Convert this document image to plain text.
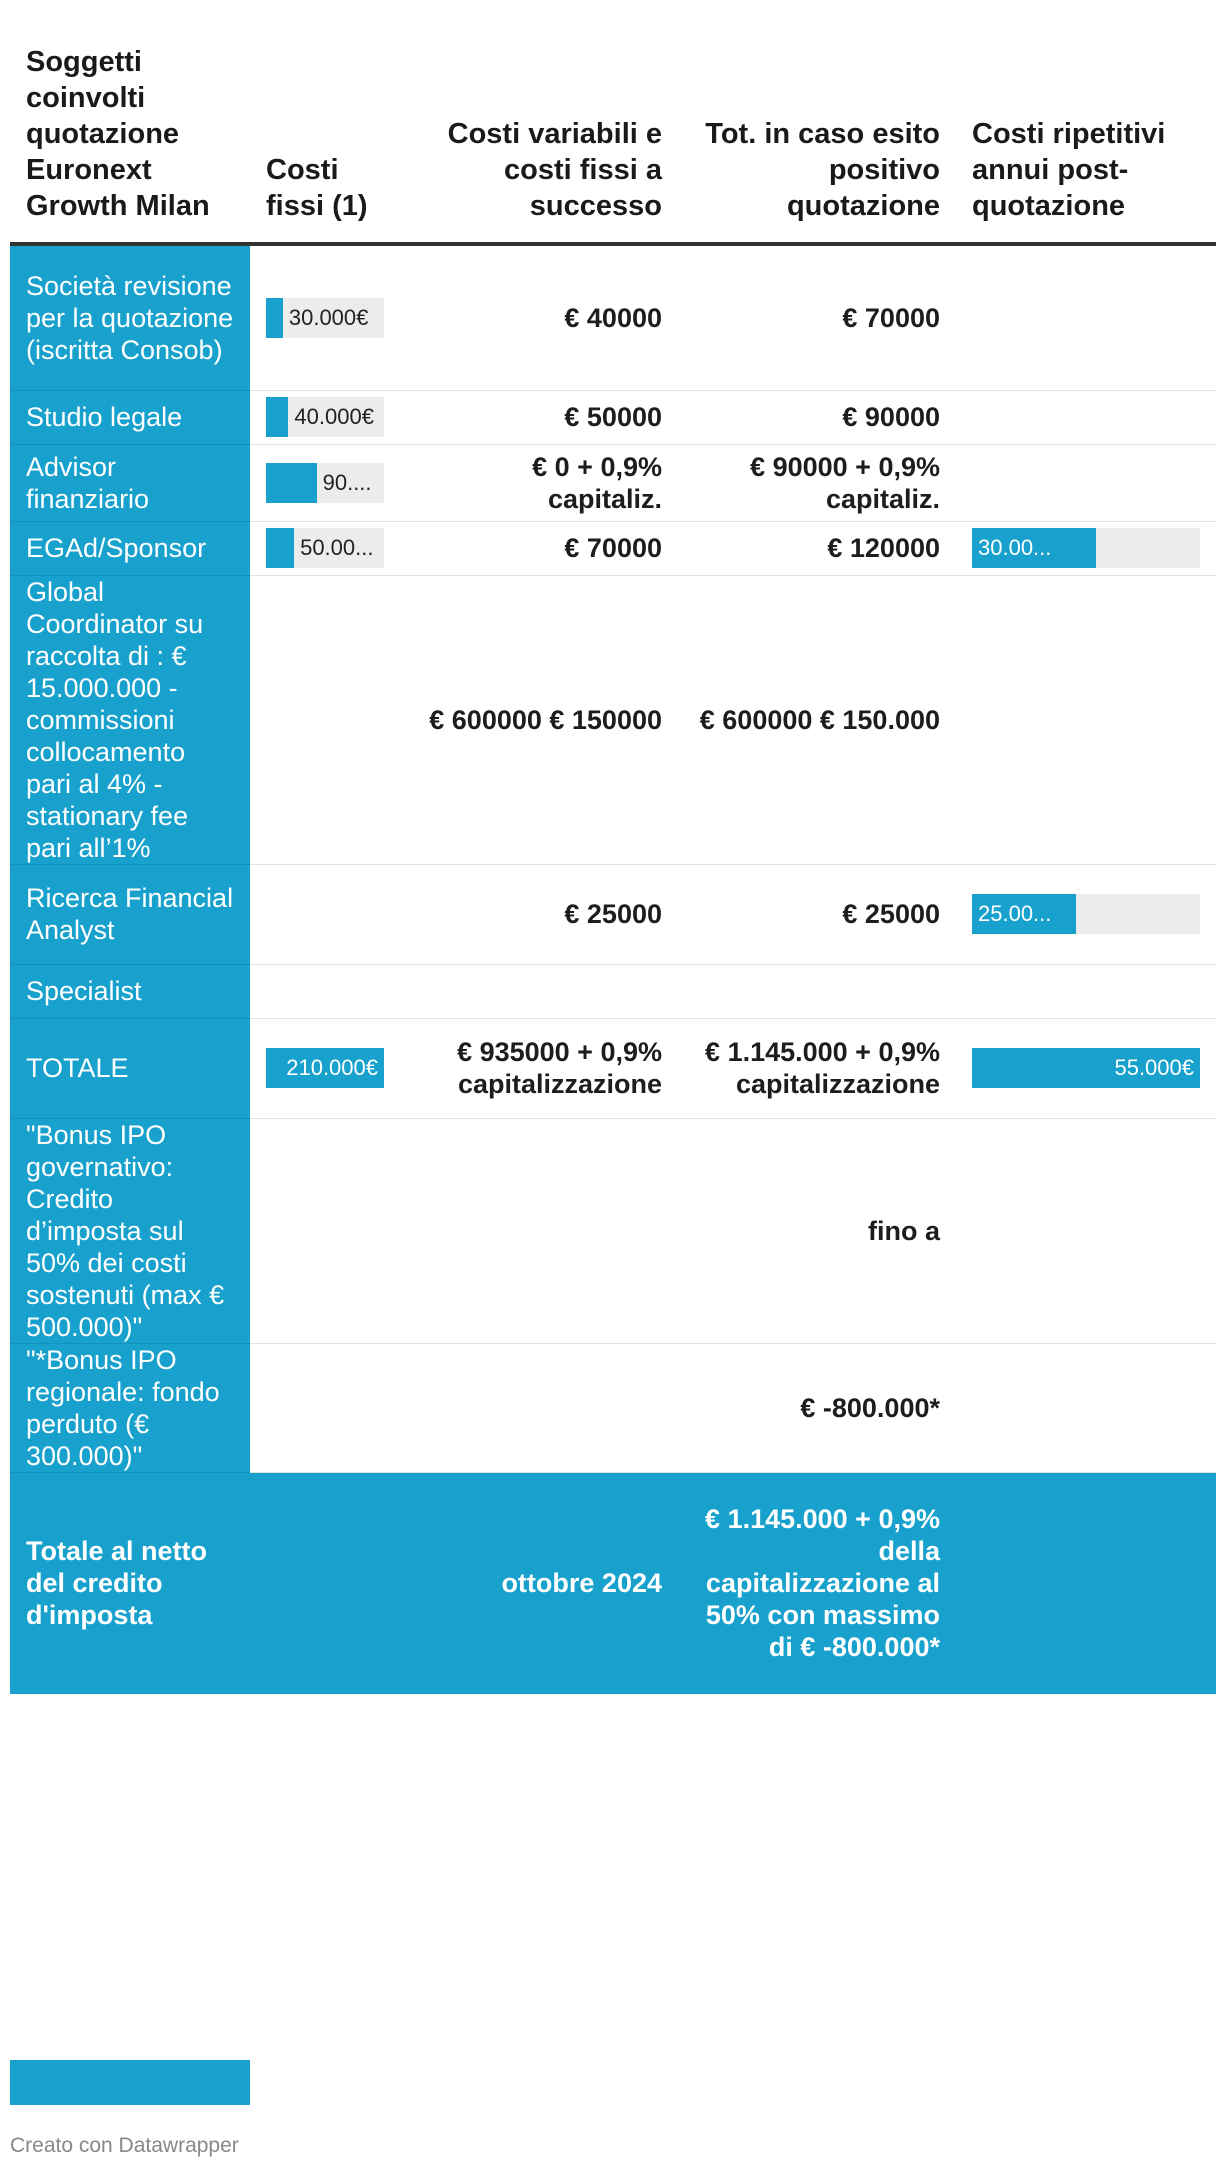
Soggetti coinvolti quotazione Euronext Growth Milan	Costi fissi (1)	Costi variabili e costi fissi a successo	Tot. in caso esito positivo quotazione	Costi ripetitivi annui post-quotazione
Società revisione per la quotazione (iscritta Consob)	30.000€	€ 40000	€ 70000	
Studio legale	40.000€	€ 50000	€ 90000	
Advisor finanziario	90....	€ 0 + 0,9% capitaliz.	€ 90000 + 0,9% capitaliz.	
EGAd/Sponsor	50.00...	€ 70000	€ 120000	30.00...

Global Coordinator su raccolta di : € 15.000.000 - commissioni collocamento pari al 4% - stationary fee pari all’1%		€ 600000 € 150000	€ 600000 € 150.000	
Ricerca Financial Analyst		€ 25000	€ 25000	25.00...

Specialist				
TOTALE	210.000€	€ 935000 + 0,9% capitalizzazione	€ 1.145.000 + 0,9% capitalizzazione	55.000€

"Bonus IPO governativo: Credito d’imposta sul 50% dei costi sostenuti (max € 500.000)"			fino a	
"*Bonus IPO regionale: fondo perduto (€ 300.000)"			€ -800.000*	
Totale al netto del credito d'imposta		ottobre 2024	€ 1.145.000 + 0,9% della capitalizzazione al 50% con massimo di € -800.000*	
Creato con Datawrapper
